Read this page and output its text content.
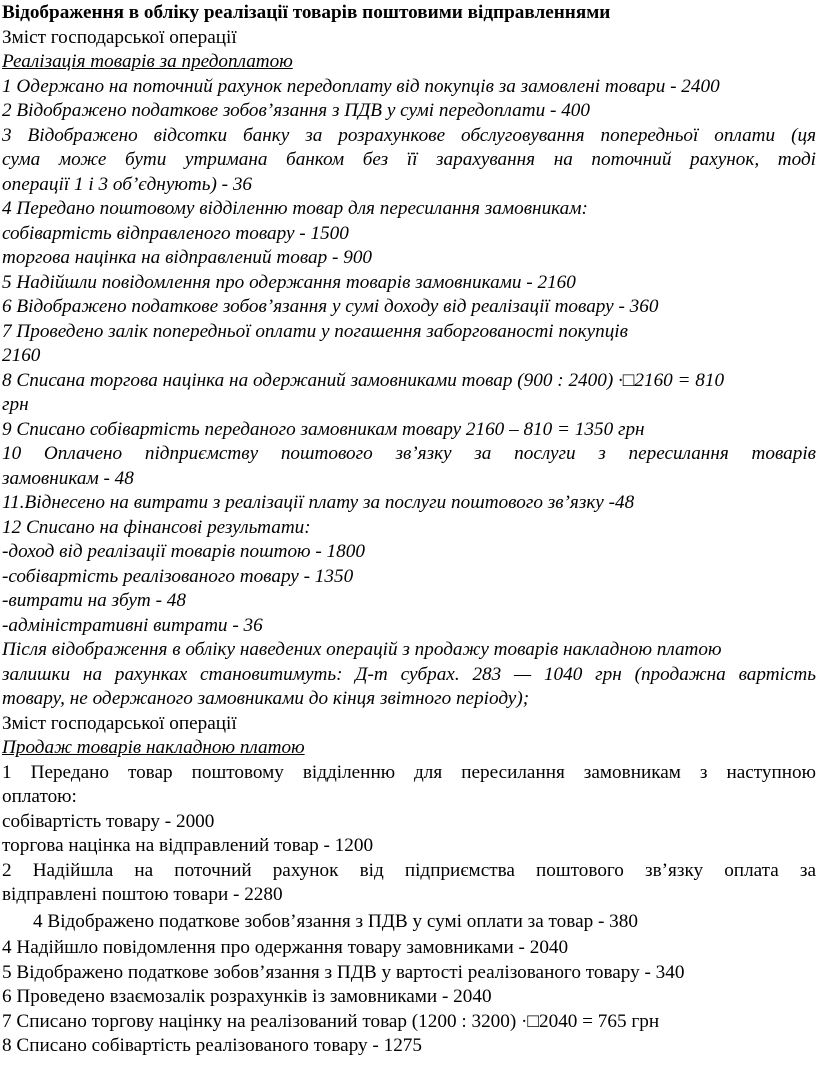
Відображення в обліку реалізації товарів поштовими відправленнями
Зміст господарської операції
Реалізація товарів за предоплатою
1 Одержано на поточний рахунок передоплату від покупців за замовлені товари - 2400
2 Відображено податкове зобов’язання з ПДВ у сумі передоплати - 400
3 Відображено відсотки банку за розрахункове обслуговування попередньої оплати (ця
сума може бути утримана банком без її зарахування на поточний рахунок, тоді
операції 1 і 3 об’єднують) - 36
4 Передано поштовому відділенню товар для пересилання замовникам:
собівартість відправленого товару - 1500
торгова націнка на відправлений товар - 900
5 Надійшли повідомлення про одержання товарів замовниками - 2160
6 Відображено податкове зобов’язання у сумі доходу від реалізації товару - 360
7 Проведено залік попередньої оплати у погашення заборгованості покупців
2160
8 Списана торгова націнка на одержаний замовниками товар (900 : 2400) ·□2160 = 810
грн
9 Списано собівартість переданого замовникам товару 2160 – 810 = 1350 грн
10 Оплачено підприємству поштового зв’язку за послуги з пересилання товарів
замовникам - 48
11.Віднесено на витрати з реалізації плату за послуги поштового зв’язку -48
12 Списано на фінансові результати:
-доход від реалізації товарів поштою - 1800
-собівартість реалізованого товару - 1350
-витрати на збут - 48
-адміністративні витрати - 36
Після відображення в обліку наведених операцій з продажу товарів накладною платою
залишки на рахунках становитимуть: Д-т субрах. 283 — 1040 грн (продажна вартість
товару, не одержаного замовниками до кінця звітного періоду);
Зміст господарської операції
Продаж товарів накладною платою
1 Передано товар поштовому відділенню для пересилання замовникам з наступною
оплатою:
собівартість товару - 2000
торгова націнка на відправлений товар - 1200
2 Надійшла на поточний рахунок від підприємства поштового зв’язку оплата за
відправлені поштою товари - 2280
4 Відображено податкове зобов’язання з ПДВ у сумі оплати за товар - 380
4 Надійшло повідомлення про одержання товару замовниками - 2040
5 Відображено податкове зобов’язання з ПДВ у вартості реалізованого товару - 340
6 Проведено взаємозалік розрахунків із замовниками - 2040
7 Списано торгову націнку на реалізований товар (1200 : 3200) ·□2040 = 765 грн
8 Списано собівартість реалізованого товару - 1275
